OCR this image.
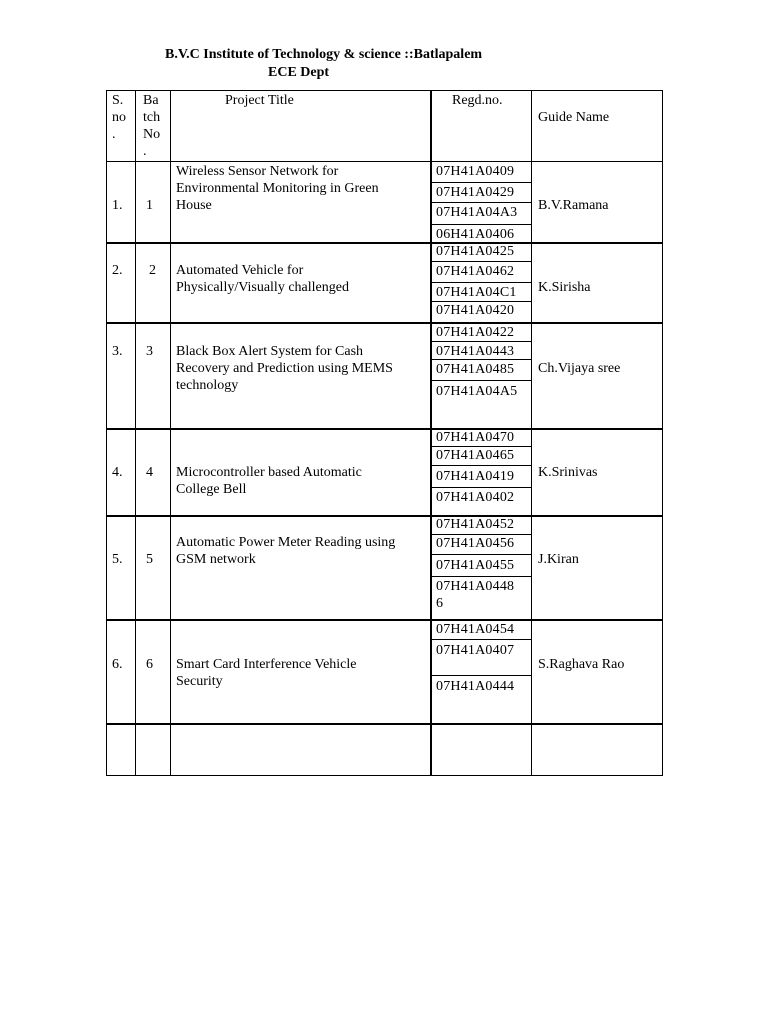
B.V.C Institute of Technology & science ::Batlapalem
ECE Dept
S.
no
.
Ba
tch
No
.
Project Title	Regd.no.
Guide Name
1. 1
Wireless Sensor Network for
Environmental Monitoring in Green
House
07H41A0409
07H41A0429
07H41A04A3
06H41A0406
B.V.Ramana
2. 2 Automated Vehicle for
Physically/Visually challenged
07H41A0425
07H41A0462
07H41A04C1
07H41A0420
K.Sirisha
3. 3 Black Box Alert System for Cash
Recovery and Prediction using MEMS
technology
07H41A0422
07H41A0443
07H41A0485
07H41A04A5
Ch.Vijaya sree
4. 4 Microcontroller based Automatic
College Bell
07H41A0470
07H41A0465
07H41A0419
07H41A0402
K.Srinivas
5. 5
Automatic Power Meter Reading using
GSM network
07H41A0452
07H41A0456
07H41A0455
07H41A0448
6
J.Kiran
6. 6 Smart Card Interference Vehicle
Security
07H41A0454
07H41A0407
07H41A0444
S.Raghava Rao
